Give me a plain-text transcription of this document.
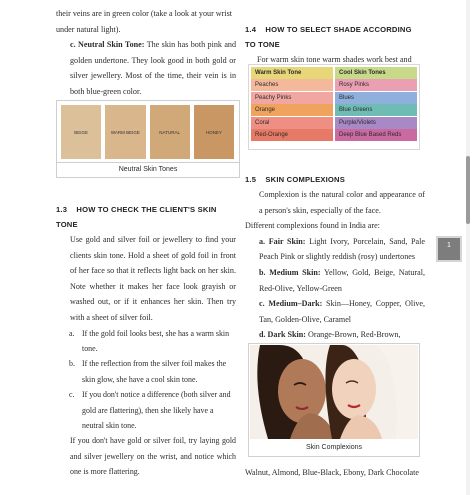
their veins are in green color (take a look at your wrist

under natural light).

c. Neutral Skin Tone: The skin has both pink and golden undertone. They look good in both gold or silver jewellery. Most of the time, their vein is in both blue-green color.

BEIGE	WARM BEIGE	NATURAL	HONEY
Neutral Skin Tones

1.3 HOW TO CHECK THE CLIENT'S SKIN

TONE

Use gold and silver foil or jewellery to find your clients skin tone. Hold a sheet of gold foil in front of her face so that it reflects light back on her skin. Note whether it makes her face look grayish or washed out, or if it enhances her skin. Then try with a sheet of silver foil.

a. If the gold foil looks best, she has a warm skin tone.

b. If the reflection from the silver foil makes the skin glow, she have a cool skin tone.

c. If you don't notice a difference (both silver and gold are flattering), then she likely have a neutral skin tone.

If you don't have gold or silver foil, try laying gold and silver jewellery on the wrist, and notice which one is more flattering.

1.4 HOW TO SELECT SHADE ACCORDING

TO TONE

For warm skin tone warm shades work best and

Warm Skin Tone	Cool Skin Tones
Peaches	Rosy Pinks
Peachy Pinks	Blues
Orange	Blue Greens
Coral	Purple/Violets
Red-Orange	Deep Blue Based Reds

1.5 SKIN COMPLEXIONS

Complexion is the natural color and appearance of a person's skin, especially of the face.

Different complexions found in India are:

a. Fair Skin: Light Ivory, Porcelain, Sand, Pale Peach Pink or slightly reddish (rosy) undertones

b. Medium Skin: Yellow, Gold, Beige, Natural, Red-Olive, Yellow-Green

c. Medium–Dark: Skin—Honey, Copper, Olive, Tan, Golden-Olive, Caramel

d. Dark Skin: Orange-Brown, Red-Brown,

Skin Complexions

Walnut, Almond, Blue-Black, Ebony, Dark Chocolate

1
